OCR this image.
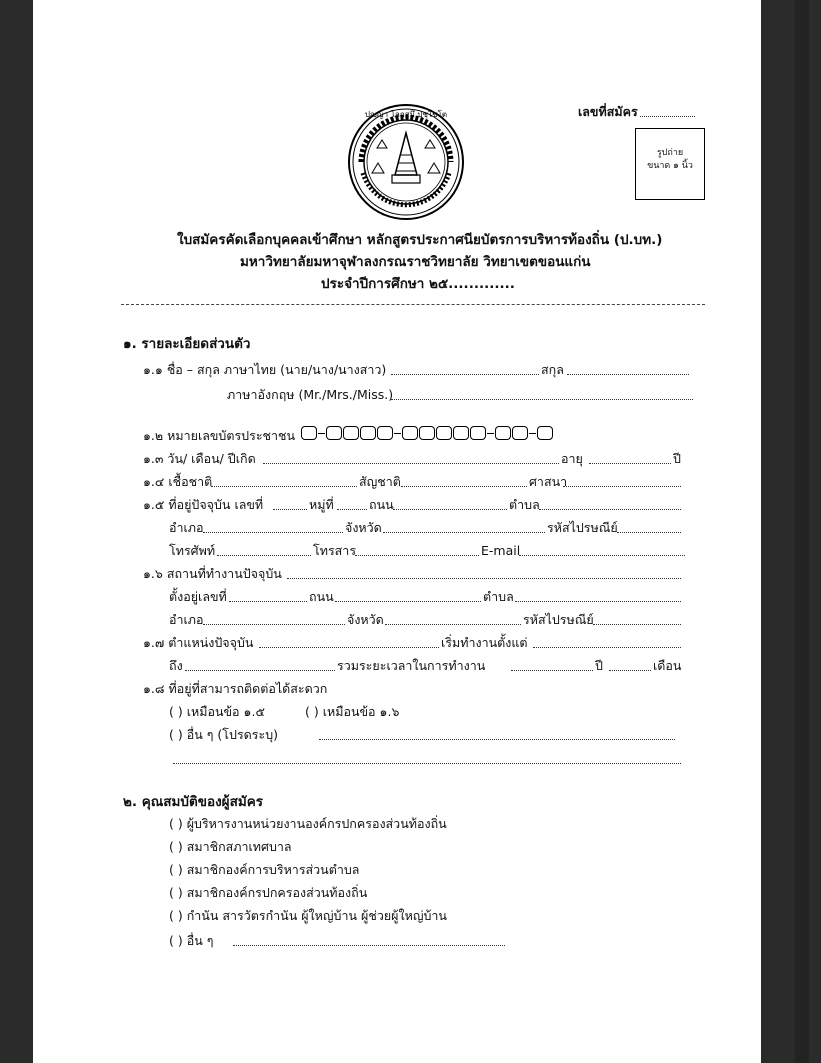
ปญฺญา โลกสฺมึ ปชฺโชโต	เลขที่สมัคร
รูปถ่าย
ขนาด ๑ นิ้ว
ใบสมัครคัดเลือกบุคคลเข้าศึกษา หลักสูตรประกาศนียบัตรการบริหารท้องถิ่น (ป.บท.)
มหาวิทยาลัยมหาจุฬาลงกรณราชวิทยาลัย วิทยาเขตขอนแก่น
ประจำปีการศึกษา ๒๕.............
๑. รายละเอียดส่วนตัว
๑.๑ ชื่อ – สกุล ภาษาไทย (นาย/นาง/นางสาว)	สกุล
ภาษาอังกฤษ (Mr./Mrs./Miss.)
๑.๒ หมายเลขบัตรประชาชน
๑.๓ วัน/ เดือน/ ปีเกิด	อายุ	ปี
๑.๔ เชื้อชาติ	สัญชาติ	ศาสนา
๑.๕ ที่อยู่ปัจจุบัน เลขที่	หมู่ที่	ถนน	ตำบล
อำเภอ	จังหวัด	รหัสไปรษณีย์
โทรศัพท์	โทรสาร	E-mail
๑.๖ สถานที่ทำงานปัจจุบัน
ตั้งอยู่เลขที่	ถนน	ตำบล
อำเภอ	จังหวัด	รหัสไปรษณีย์
๑.๗ ตำแหน่งปัจจุบัน	เริ่มทำงานตั้งแต่
ถึง	รวมระยะเวลาในการทำงาน	ปี	เดือน
๑.๘ ที่อยู่ที่สามารถติดต่อได้สะดวก
( ) เหมือนข้อ ๑.๕	( ) เหมือนข้อ ๑.๖
( ) อื่น ๆ (โปรดระบุ)
๒. คุณสมบัติของผู้สมัคร
( ) ผู้บริหารงานหน่วยงานองค์กรปกครองส่วนท้องถิ่น
( ) สมาชิกสภาเทศบาล
( ) สมาชิกองค์การบริหารส่วนตำบล
( ) สมาชิกองค์กรปกครองส่วนท้องถิ่น
( ) กำนัน สารวัตรกำนัน ผู้ใหญ่บ้าน ผู้ช่วยผู้ใหญ่บ้าน
( ) อื่น ๆ
